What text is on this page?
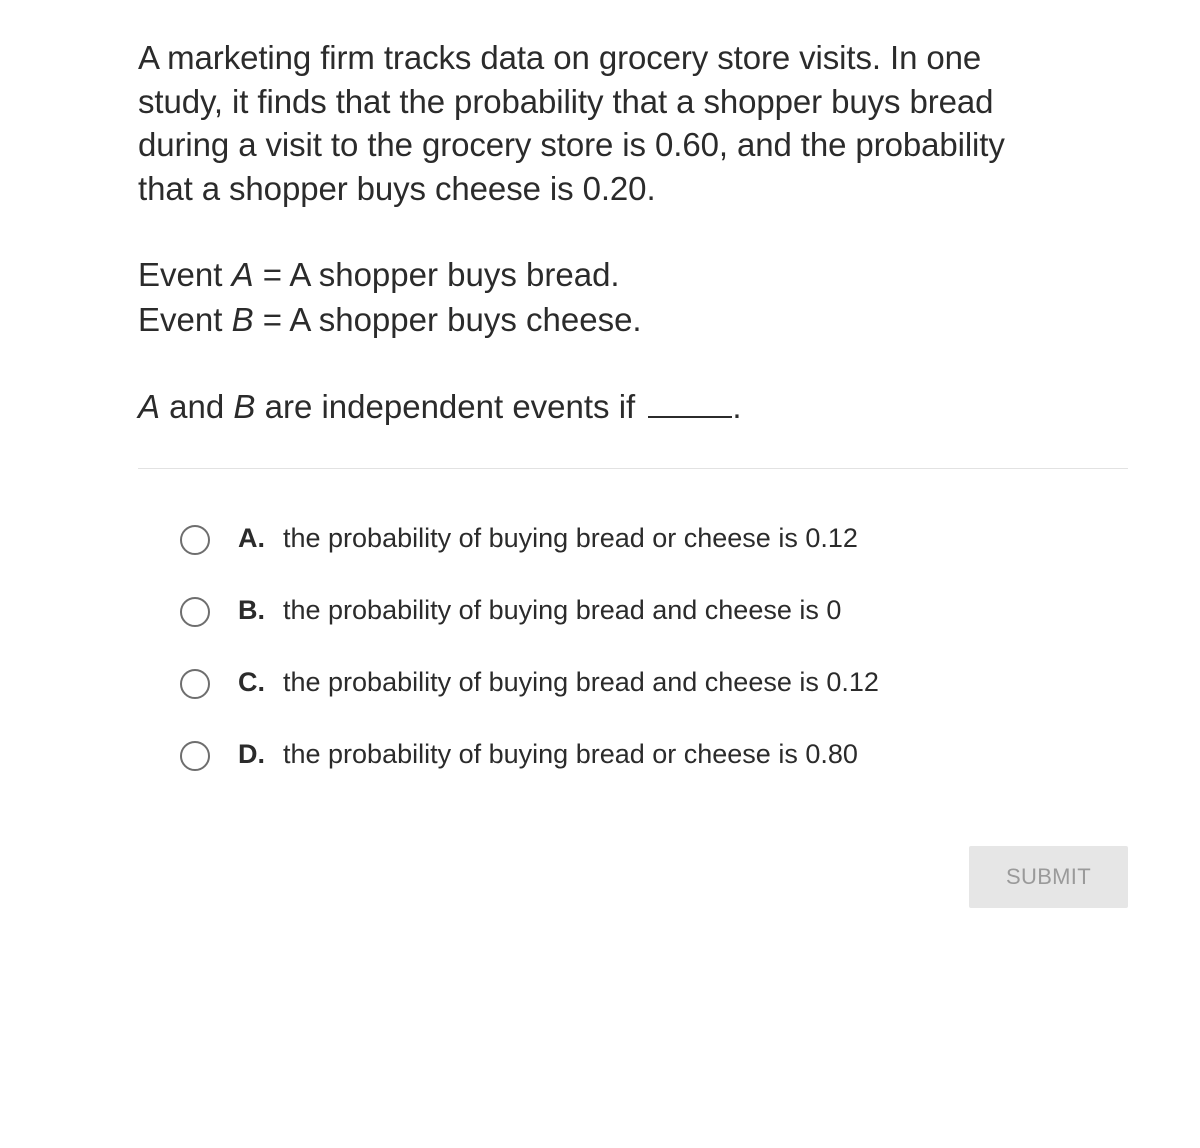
A marketing firm tracks data on grocery store visits. In one
study, it finds that the probability that a shopper buys bread
during a visit to the grocery store is 0.60, and the probability
that a shopper buys cheese is 0.20.

Event A = A shopper buys bread.
Event B = A shopper buys cheese.
A and B are independent events if	.
A. the probability of buying bread or cheese is 0.12
B. the probability of buying bread and cheese is 0
C. the probability of buying bread and cheese is 0.12
D. the probability of buying bread or cheese is 0.80
SUBMIT
